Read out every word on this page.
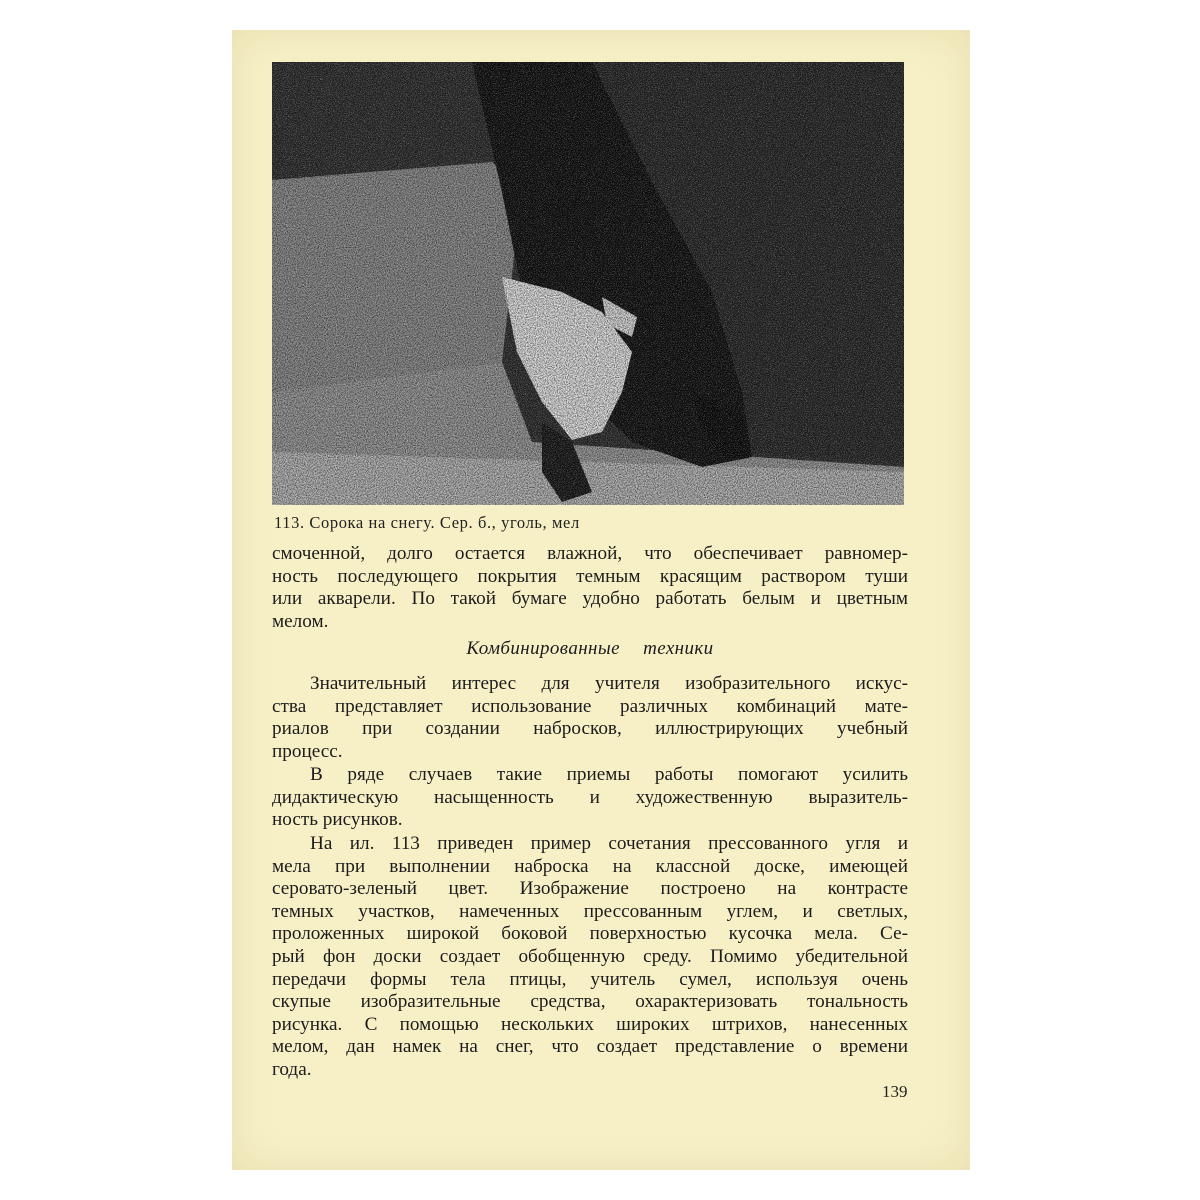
113. Сорока на снегу. Сер. б., уголь, мел
смоченной, долго остается влажной, что обеспечивает равномер-
ность последующего покрытия темным красящим раствором туши
или акварели. По такой бумаге удобно работать белым и цветным
мелом.
Комбинированные техники
Значительный интерес для учителя изобразительного искус-
ства представляет использование различных комбинаций мате-
риалов при создании набросков, иллюстрирующих учебный
процесс.
В ряде случаев такие приемы работы помогают усилить
дидактическую насыщенность и художественную выразитель-
ность рисунков.
На ил. 113 приведен пример сочетания прессованного угля и
мела при выполнении наброска на классной доске, имеющей
серовато-зеленый цвет. Изображение построено на контрасте
темных участков, намеченных прессованным углем, и светлых,
проложенных широкой боковой поверхностью кусочка мела. Се-
рый фон доски создает обобщенную среду. Помимо убедительной
передачи формы тела птицы, учитель сумел, используя очень
скупые изобразительные средства, охарактеризовать тональность
рисунка. С помощью нескольких широких штрихов, нанесенных
мелом, дан намек на снег, что создает представление о времени
года.
139
